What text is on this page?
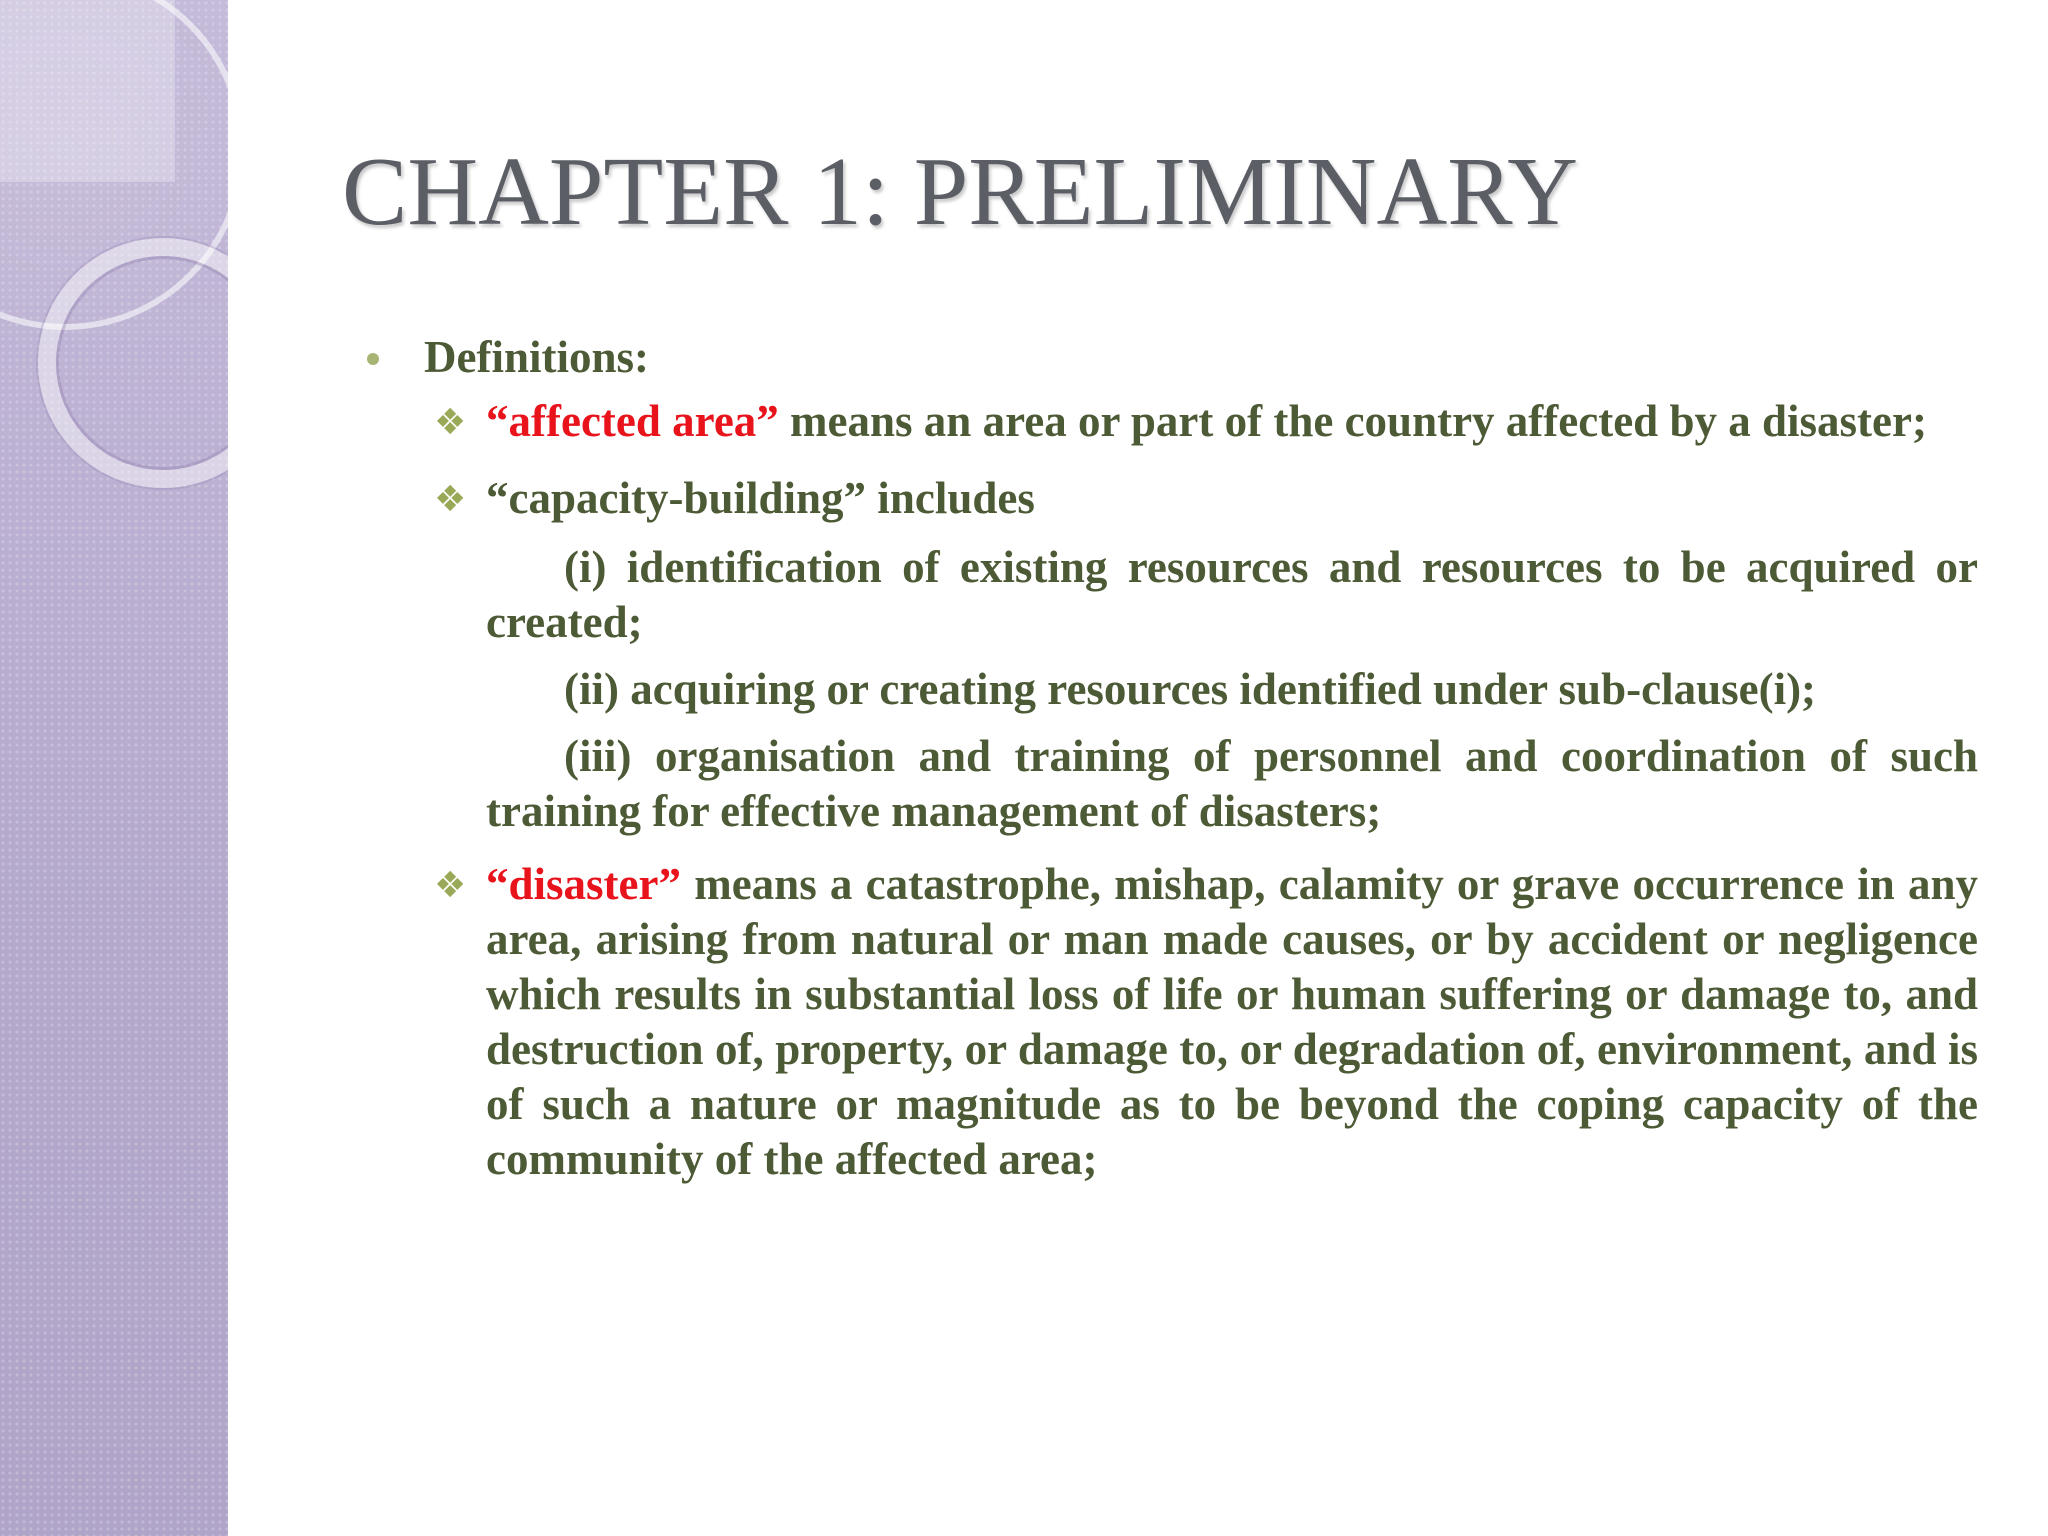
CHAPTER 1: PRELIMINARY
Definitions:
❖ “affected area” means an area or part of the country affected by a disaster;

❖ “capacity-building” includes

(i) identification of existing resources and resources to be acquired or created;

(ii) acquiring or creating resources identified under sub-clause(i);

(iii) organisation and training of personnel and coordination of such training for effective management of disasters;

❖ “disaster” means a catastrophe, mishap, calamity or grave occurrence in any area, arising from natural or man made causes, or by accident or negligence which results in substantial loss of life or human suffering or damage to, and destruction of, property, or damage to, or degradation of, environment, and is of such a nature or magnitude as to be beyond the coping capacity of the community of the affected area;
